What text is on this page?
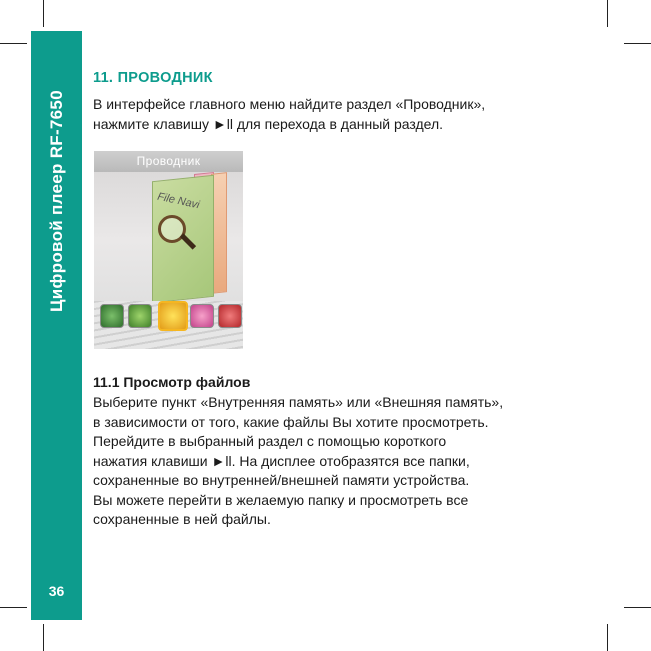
Цифровой плеер RF-7650
36
11. ПРОВОДНИК

В интерфейсе главного меню найдите раздел «Проводник»,

нажмите клавишу ►ll для перехода в данный раздел.

Проводник
File Navi
11.1 Просмотр файлов

Выберите пункт «Внутренняя память» или «Внешняя память»,

в зависимости от того, какие файлы Вы хотите просмотреть.

Перейдите в выбранный раздел с помощью короткого

нажатия клавиши ►ll. На дисплее отобразятся все папки,

сохраненные во внутренней/внешней памяти устройства.

Вы можете перейти в желаемую папку и просмотреть все

сохраненные в ней файлы.
